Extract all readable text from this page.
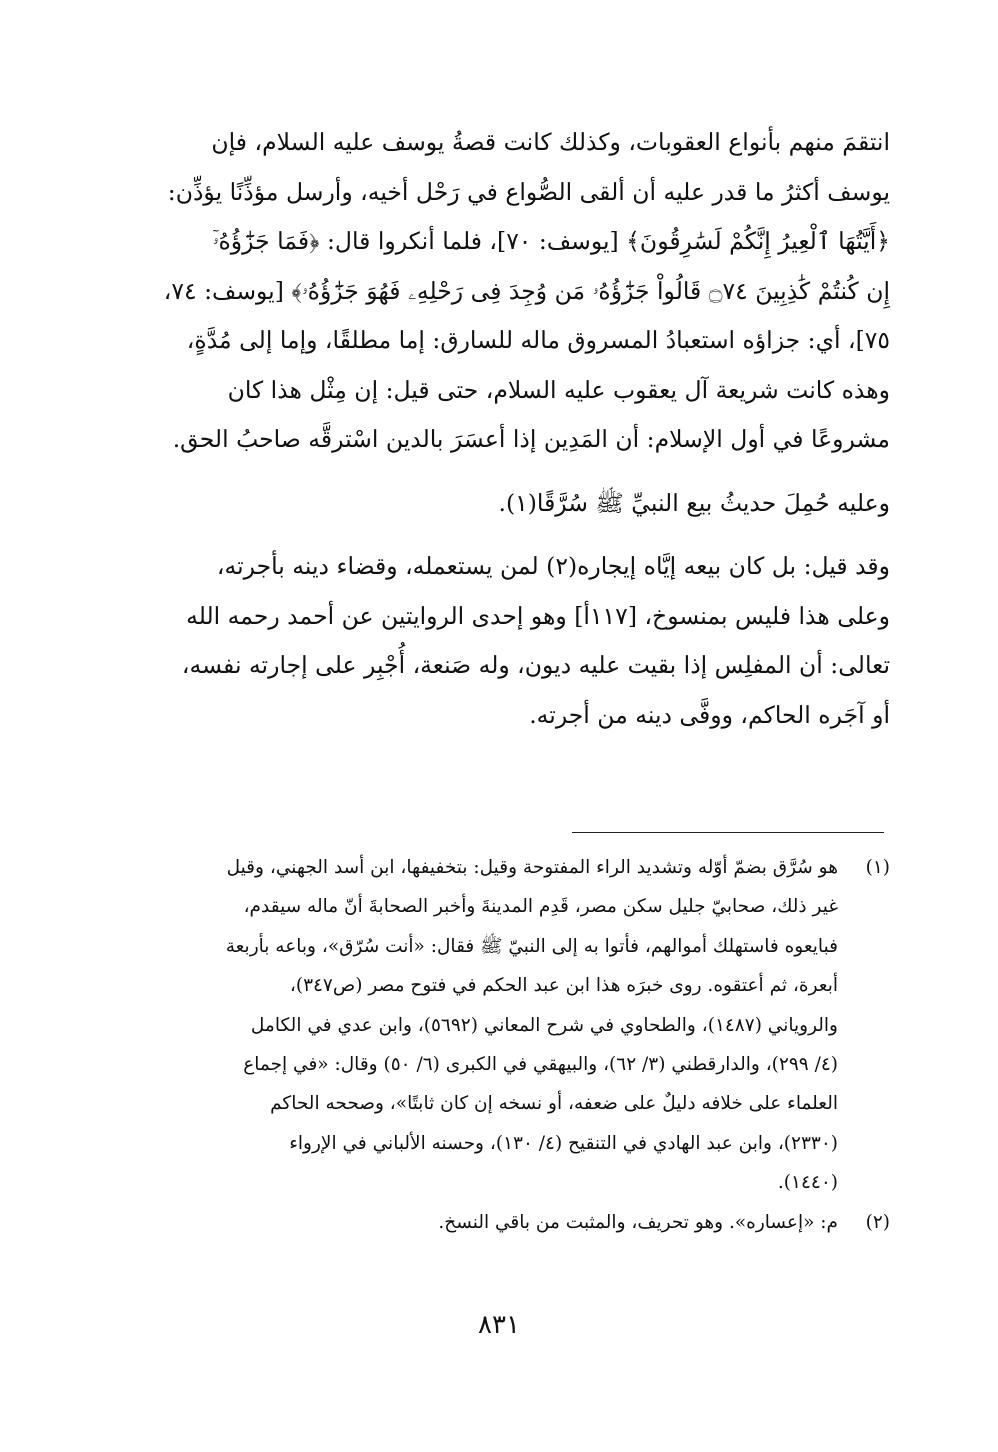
انتقمَ منهم بأنواع العقوبات، وكذلك كانت قصةُ يوسف عليه السلام، فإن
يوسف أكثرُ ما قدر عليه أن ألقى الصُّواع في رَحْل أخيه، وأرسل مؤذِّنًا يؤذِّن:
﴿أَيَّتُهَا ٱلْعِيرُ إِنَّكُمْ لَسَٰرِقُونَ﴾ [يوسف: ٧٠]، فلما أنكروا قال: ﴿فَمَا جَزَٰٓؤُهُۥٓ
إِن كُنتُمْ كَٰذِبِينَ ۝٧٤ قَالُواْ جَزَٰٓؤُهُۥ مَن وُجِدَ فِى رَحْلِهِۦ فَهُوَ جَزَٰٓؤُهُۥ﴾ [يوسف: ٧٤،
٧٥]، أي: جزاؤه استعبادُ المسروق ماله للسارق: إما مطلقًا، وإما إلى مُدَّةٍ،
وهذه كانت شريعة آل يعقوب عليه السلام، حتى قيل: إن مِثْل هذا كان
مشروعًا في أول الإسلام: أن المَدِين إذا أعسَرَ بالدين اسْترقَّه صاحبُ الحق.

وعليه حُمِلَ حديثُ بيع النبيِّ ﷺ سُرَّقًا(١).

وقد قيل: بل كان بيعه إيَّاه إيجاره(٢) لمن يستعمله، وقضاء دينه بأجرته،
وعلى هذا فليس بمنسوخ، [١١٧أ] وهو إحدى الروايتين عن أحمد رحمه الله
تعالى: أن المفلِس إذا بقيت عليه ديون، وله صَنعة، أُجْبِر على إجارته نفسه،
أو آجَره الحاكم، ووفَّى دينه من أجرته.

(١)
هو سُرَّق بضمّ أوّله وتشديد الراء المفتوحة وقيل: بتخفيفها، ابن أسد الجهني، وقيل
غير ذلك، صحابيّ جليل سكن مصر، قَدِم المدينةَ وأخبر الصحابةَ أنّ ماله سيقدم،
فبايعوه فاستهلك أموالهم، فأتوا به إلى النبيّ ﷺ فقال: «أنت سُرّق»، وباعه بأربعة
أبعرة، ثم أعتقوه. روى خبرَه هذا ابن عبد الحكم في فتوح مصر (ص٣٤٧)،
والروياني (١٤٨٧)، والطحاوي في شرح المعاني (٥٦٩٢)، وابن عدي في الكامل
(٤/ ٢٩٩)، والدارقطني (٣/ ٦٢)، والبيهقي في الكبرى (٦/ ٥٠) وقال: «في إجماع
العلماء على خلافه دليلٌ على ضعفه، أو نسخه إن كان ثابتًا»، وصححه الحاكم
(٢٣٣٠)، وابن عبد الهادي في التنقيح (٤/ ١٣٠)، وحسنه الألباني في الإرواء
(١٤٤٠).

(٢)
م: «إعساره». وهو تحريف، والمثبت من باقي النسخ.

٨٣١
